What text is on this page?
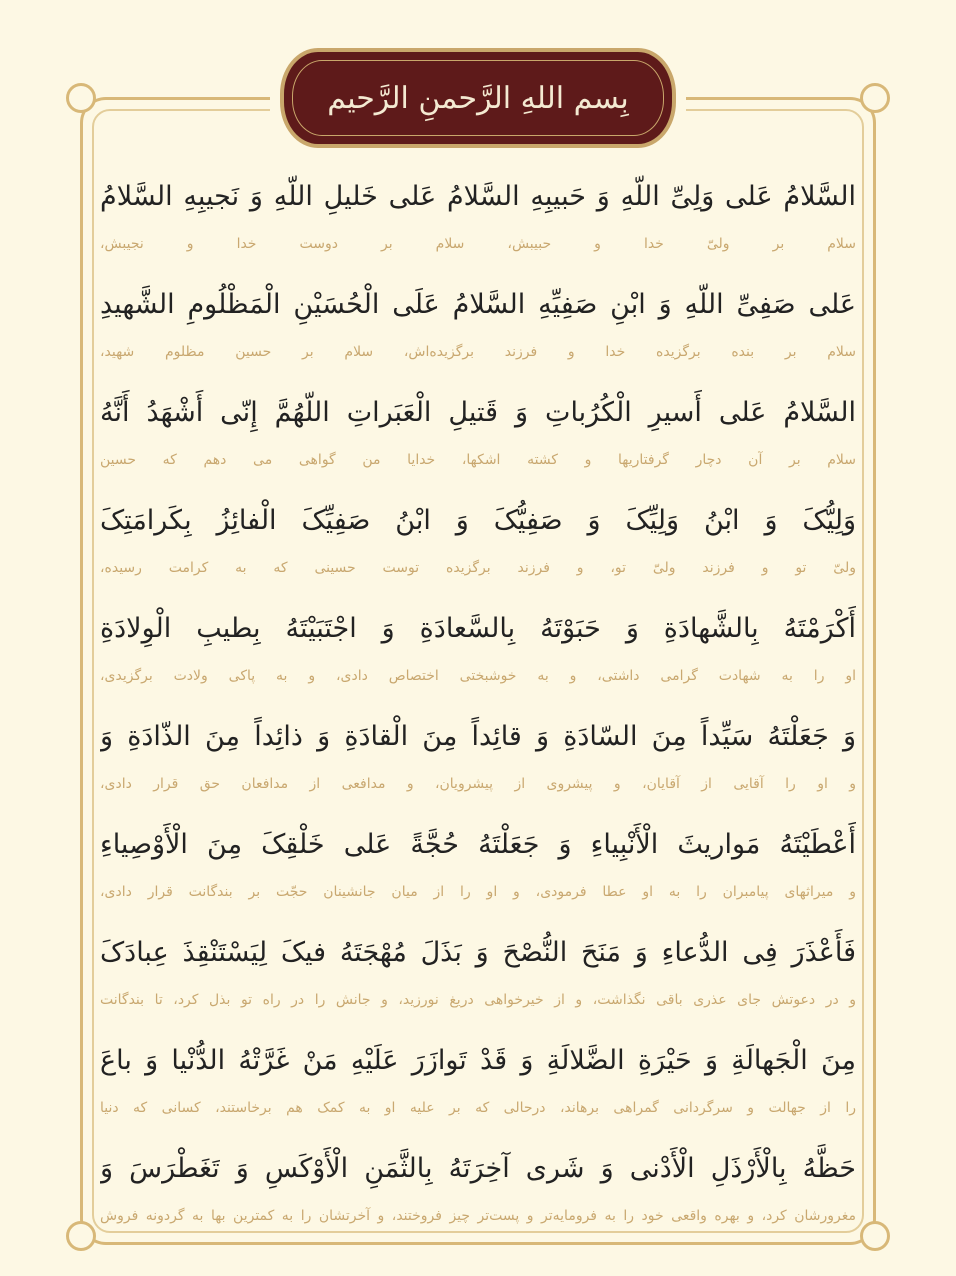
بِسم اللهِ الرَّحمنِ الرَّحيم
السَّلامُ عَلی وَلِیِّ اللّهِ وَ حَبیبِهِ السَّلامُ عَلی خَلیلِ اللّهِ وَ نَجیبِهِ السَّلامُ
سلام بر ولیّ خدا و حبیبش، سلام بر دوست خدا و نجیبش،
عَلی صَفِیِّ اللّهِ وَ ابْنِ صَفِیِّهِ السَّلامُ عَلَی الْحُسَیْنِ الْمَظْلُومِ الشَّهیدِ
سلام بر بنده برگزیده خدا و فرزند برگزیده‌اش، سلام بر حسین مظلوم شهید،
السَّلامُ عَلی أَسیرِ الْکُرُباتِ وَ قَتیلِ الْعَبَراتِ اللّهُمَّ إِنّی أَشْهَدُ أَنَّهُ
سلام بر آن دچار گرفتاریها و کشته اشکها، خدایا من گواهی می دهم که حسین
وَلِیُّکَ وَ ابْنُ وَلِیِّکَ وَ صَفِیُّکَ وَ ابْنُ صَفِیِّکَ الْفائِزُ بِکَرامَتِکَ
ولیّ تو و فرزند ولیّ تو، و فرزند برگزیده توست حسینی که به کرامت رسیده،
أَکْرَمْتَهُ بِالشَّهادَةِ وَ حَبَوْتَهُ بِالسَّعادَةِ وَ اجْتَبَیْتَهُ بِطیبِ الْوِلادَةِ
او را به شهادت گرامی داشتی، و به خوشبختی اختصاص دادی، و به پاکی ولادت برگزیدی،
وَ جَعَلْتَهُ سَیِّداً مِنَ السّادَةِ وَ قائِداً مِنَ الْقادَةِ وَ ذائِداً مِنَ الذّادَةِ وَ
و او را آقایی از آقایان، و پیشروی از پیشرویان، و مدافعی از مدافعان حق قرار دادی،
أَعْطَیْتَهُ مَواریثَ الْأَنْبِیاءِ وَ جَعَلْتَهُ حُجَّةً عَلی خَلْقِکَ مِنَ الْأَوْصِیاءِ
و میراثهای پیامبران را به او عطا فرمودی، و او را از میان جانشینان حجّت بر بندگانت قرار دادی،
فَأَعْذَرَ فِی الدُّعاءِ وَ مَنَحَ النُّصْحَ وَ بَذَلَ مُهْجَتَهُ فیکَ لِیَسْتَنْقِذَ عِبادَکَ
و در دعوتش جای عذری باقی نگذاشت، و از خیرخواهی دریغ نورزید، و جانش را در راه تو بذل کرد، تا بندگانت
مِنَ الْجَهالَةِ وَ حَیْرَةِ الضَّلالَةِ وَ قَدْ تَوازَرَ عَلَیْهِ مَنْ غَرَّتْهُ الدُّنْیا وَ باعَ
را از جهالت و سرگردانی گمراهی برهاند، درحالی که بر علیه او به کمک هم برخاستند، کسانی که دنیا
حَظَّهُ بِالْأَرْذَلِ الْأَدْنی وَ شَری آخِرَتَهُ بِالثَّمَنِ الْأَوْکَسِ وَ تَغَطْرَسَ وَ
مغرورشان کرد، و بهره واقعی خود را به فرومایه‌تر و پست‌تر چیز فروختند، و آخرتشان را به کمترین بها به گردونه فروش
